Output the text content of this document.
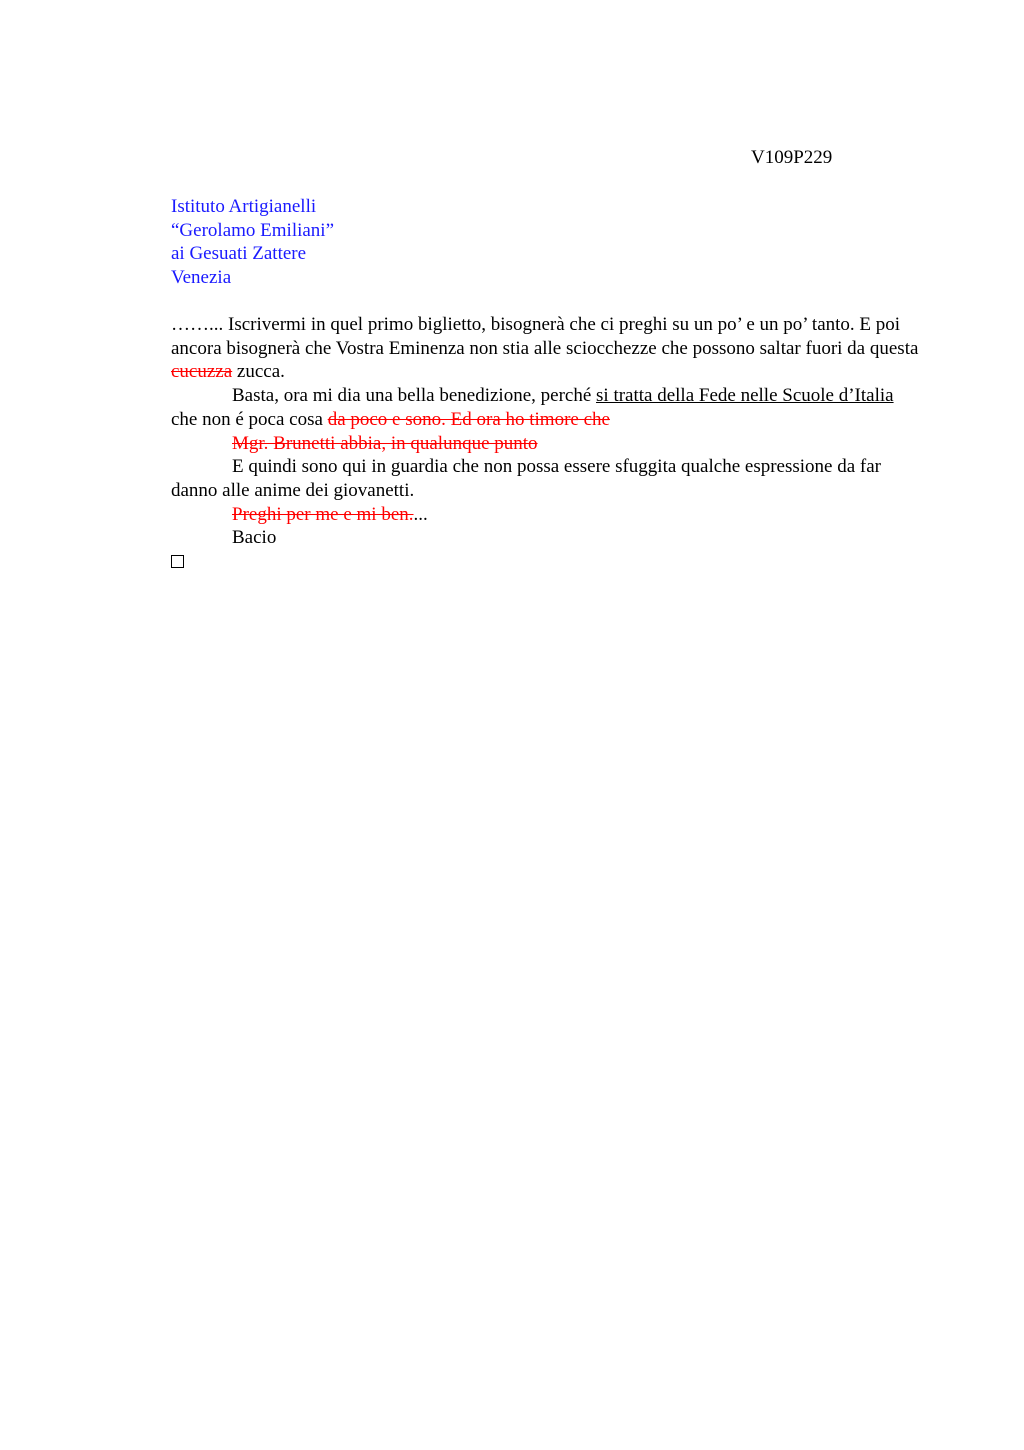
V109P229
Istituto Artigianelli
“Gerolamo Emiliani”
ai Gesuati Zattere
Venezia

……... Iscrivermi in quel primo biglietto, bisognerà che ci preghi su un po’ e un po’ tanto. E poi ancora bisognerà che Vostra Eminenza non stia alle sciocchezze che possono saltar fuori da questa cucuzza zucca.

Basta, ora mi dia una bella benedizione, perché si tratta della Fede nelle Scuole d’Italia che non é poca cosa da poco e sono. Ed ora ho timore che

Mgr. Brunetti abbia, in qualunque punto

E quindi sono qui in guardia che non possa essere sfuggita qualche espressione da far danno alle anime dei giovanetti.

Preghi per me e mi ben....

Bacio
